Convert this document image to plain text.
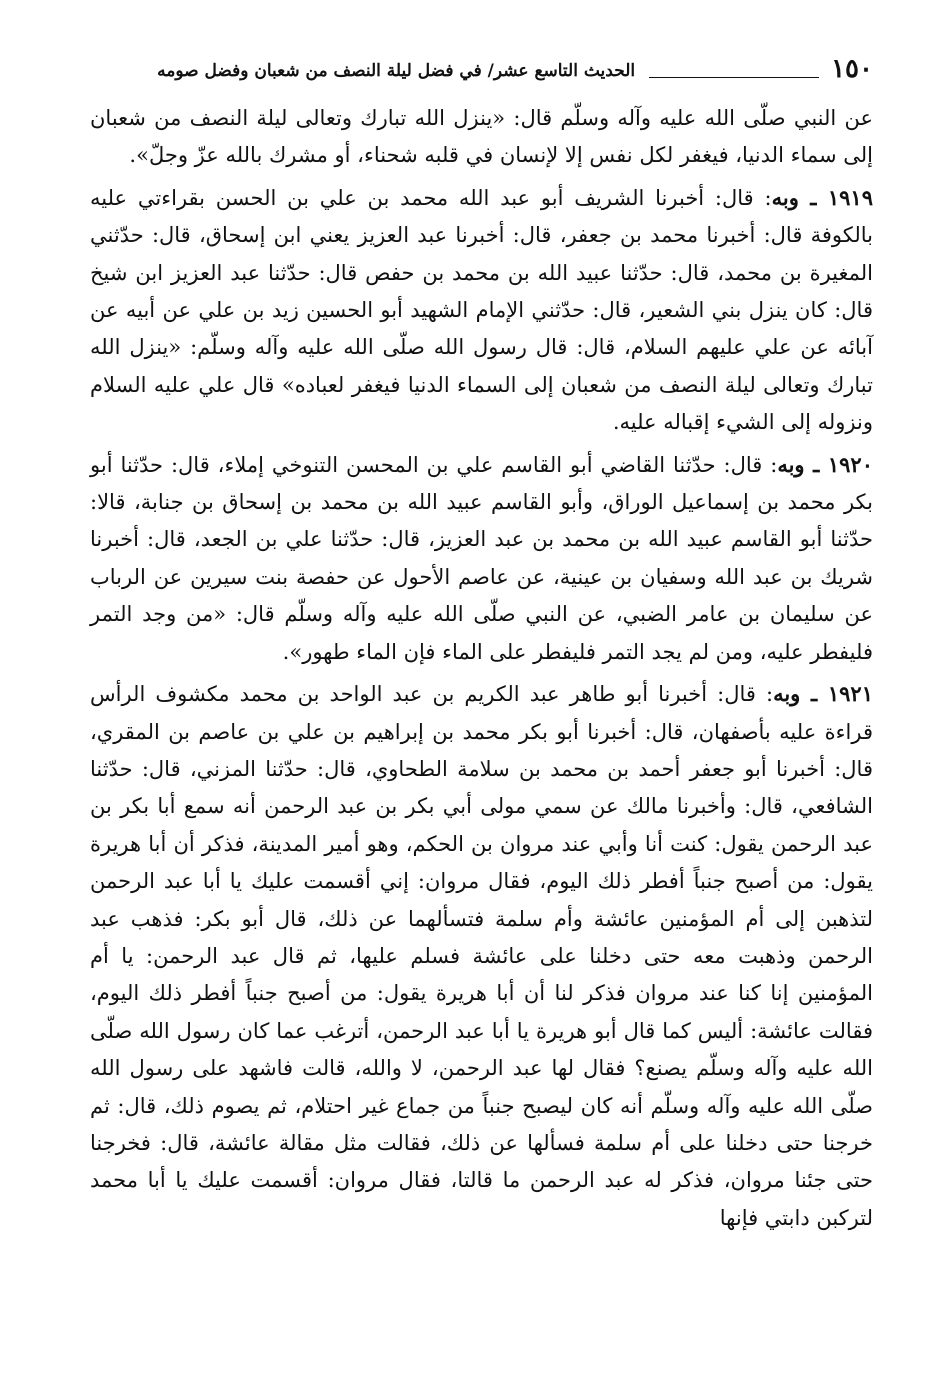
١٥٠
الحديث التاسع عشر/ في فضل ليلة النصف من شعبان وفضل صومه

عن النبي صلّى الله عليه وآله وسلّم قال: «ينزل الله تبارك وتعالى ليلة النصف من شعبان إلى سماء الدنيا، فيغفر لكل نفس إلا لإنسان في قلبه شحناء، أو مشرك بالله عزّ وجلّ».

١٩١٩ ـ وبه: قال: أخبرنا الشريف أبو عبد الله محمد بن علي بن الحسن بقراءتي عليه بالكوفة قال: أخبرنا محمد بن جعفر، قال: أخبرنا عبد العزيز يعني ابن إسحاق، قال: حدّثني المغيرة بن محمد، قال: حدّثنا عبيد الله بن محمد بن حفص قال: حدّثنا عبد العزيز ابن شيخ قال: كان ينزل بني الشعير، قال: حدّثني الإمام الشهيد أبو الحسين زيد بن علي عن أبيه عن آبائه عن علي عليهم السلام، قال: قال رسول الله صلّى الله عليه وآله وسلّم: «ينزل الله تبارك وتعالى ليلة النصف من شعبان إلى السماء الدنيا فيغفر لعباده» قال علي عليه السلام ونزوله إلى الشيء إقباله عليه.

١٩٢٠ ـ وبه: قال: حدّثنا القاضي أبو القاسم علي بن المحسن التنوخي إملاء، قال: حدّثنا أبو بكر محمد بن إسماعيل الوراق، وأبو القاسم عبيد الله بن محمد بن إسحاق بن جنابة، قالا: حدّثنا أبو القاسم عبيد الله بن محمد بن عبد العزيز، قال: حدّثنا علي بن الجعد، قال: أخبرنا شريك بن عبد الله وسفيان بن عينية، عن عاصم الأحول عن حفصة بنت سيرين عن الرباب عن سليمان بن عامر الضبي، عن النبي صلّى الله عليه وآله وسلّم قال: «من وجد التمر فليفطر عليه، ومن لم يجد التمر فليفطر على الماء فإن الماء طهور».

١٩٢١ ـ وبه: قال: أخبرنا أبو طاهر عبد الكريم بن عبد الواحد بن محمد مكشوف الرأس قراءة عليه بأصفهان، قال: أخبرنا أبو بكر محمد بن إبراهيم بن علي بن عاصم بن المقري، قال: أخبرنا أبو جعفر أحمد بن محمد بن سلامة الطحاوي، قال: حدّثنا المزني، قال: حدّثنا الشافعي، قال: وأخبرنا مالك عن سمي مولى أبي بكر بن عبد الرحمن أنه سمع أبا بكر بن عبد الرحمن يقول: كنت أنا وأبي عند مروان بن الحكم، وهو أمير المدينة، فذكر أن أبا هريرة يقول: من أصبح جنباً أفطر ذلك اليوم، فقال مروان: إني أقسمت عليك يا أبا عبد الرحمن لتذهبن إلى أم المؤمنين عائشة وأم سلمة فتسألهما عن ذلك، قال أبو بكر: فذهب عبد الرحمن وذهبت معه حتى دخلنا على عائشة فسلم عليها، ثم قال عبد الرحمن: يا أم المؤمنين إنا كنا عند مروان فذكر لنا أن أبا هريرة يقول: من أصبح جنباً أفطر ذلك اليوم، فقالت عائشة: أليس كما قال أبو هريرة يا أبا عبد الرحمن، أترغب عما كان رسول الله صلّى الله عليه وآله وسلّم يصنع؟ فقال لها عبد الرحمن، لا والله، قالت فاشهد على رسول الله صلّى الله عليه وآله وسلّم أنه كان ليصبح جنباً من جماع غير احتلام، ثم يصوم ذلك، قال: ثم خرجنا حتى دخلنا على أم سلمة فسألها عن ذلك، فقالت مثل مقالة عائشة، قال: فخرجنا حتى جئنا مروان، فذكر له عبد الرحمن ما قالتا، فقال مروان: أقسمت عليك يا أبا محمد لتركبن دابتي فإنها
